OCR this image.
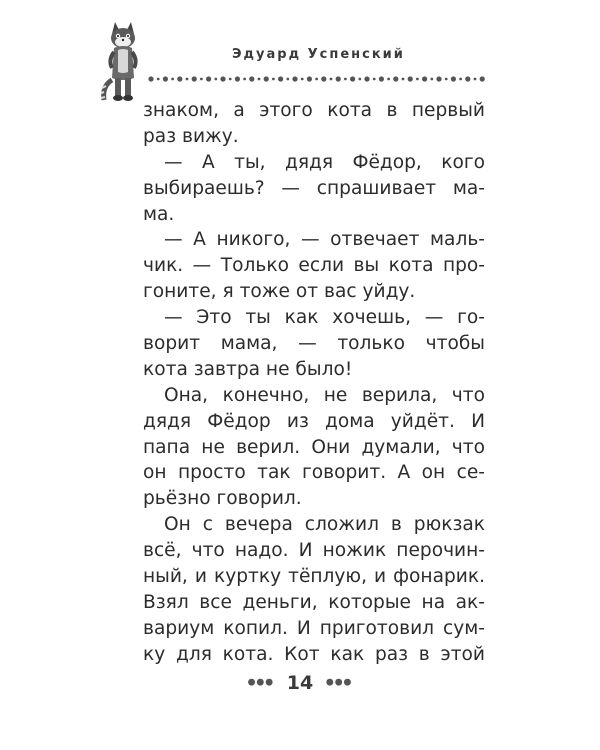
Эдуард Успенский
знаком, а этого кота в первый
раз вижу.
— А ты, дядя Фёдор, кого
выбираешь? — спрашивает ма-
ма.
— А никого, — отвечает маль-
чик. — Только если вы кота про-
гоните, я тоже от вас уйду.
— Это ты как хочешь, — го-
ворит мама, — только чтобы
кота завтра не было!
Она, конечно, не верила, что
дядя Фёдор из дома уйдёт. И
папа не верил. Они думали, что
он просто так говорит. А он се-
рьёзно говорил.
Он с вечера сложил в рюкзак
всё, что надо. И ножик перочин-
ный, и куртку тёплую, и фонарик.
Взял все деньги, которые на ак-
вариум копил. И приготовил сум-
ку для кота. Кот как раз в этой
●●● 14 ●●●
